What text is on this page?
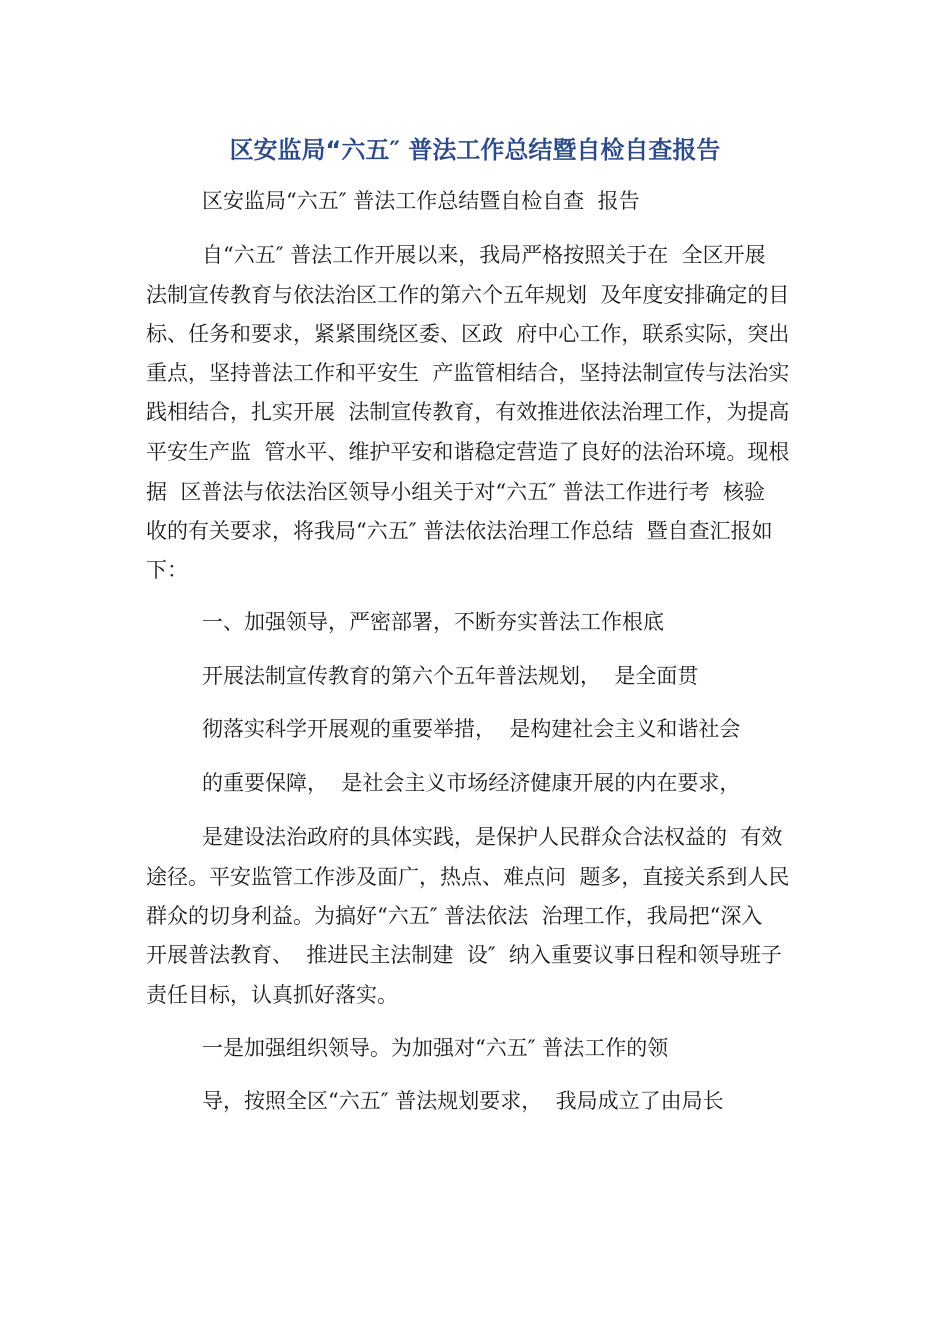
区安监局“六五″ 普法工作总结暨自检自查报告

区安监局“六五″ 普法工作总结暨自检自查  报告

自“六五″ 普法工作开展以来，我局严格按照关于在  全区开展

法制宣传教育与依法治区工作的第六个五年规划  及年度安排确定的目

标、任务和要求，紧紧围绕区委、区政  府中心工作，联系实际，突出

重点，坚持普法工作和平安生  产监管相结合，坚持法制宣传与法治实

践相结合，扎实开展  法制宣传教育，有效推进依法治理工作，为提高

平安生产监  管水平、维护平安和谐稳定营造了良好的法治环境。现根

据  区普法与依法治区领导小组关于对“六五″ 普法工作进行考  核验

收的有关要求，将我局“六五″ 普法依法治理工作总结  暨自查汇报如

下：

一、加强领导，严密部署，不断夯实普法工作根底

开展法制宣传教育的第六个五年普法规划，  是全面贯

彻落实科学开展观的重要举措，  是构建社会主义和谐社会

的重要保障，  是社会主义市场经济健康开展的内在要求，

是建设法治政府的具体实践，是保护人民群众合法权益的  有效

途径。平安监管工作涉及面广，热点、难点问  题多，直接关系到人民

群众的切身利益。为搞好“六五″ 普法依法  治理工作，我局把“深入

开展普法教育、  推进民主法制建  设″  纳入重要议事日程和领导班子

责任目标，认真抓好落实。

一是加强组织领导。为加强对“六五″ 普法工作的领

导，按照全区“六五″ 普法规划要求，  我局成立了由局长
